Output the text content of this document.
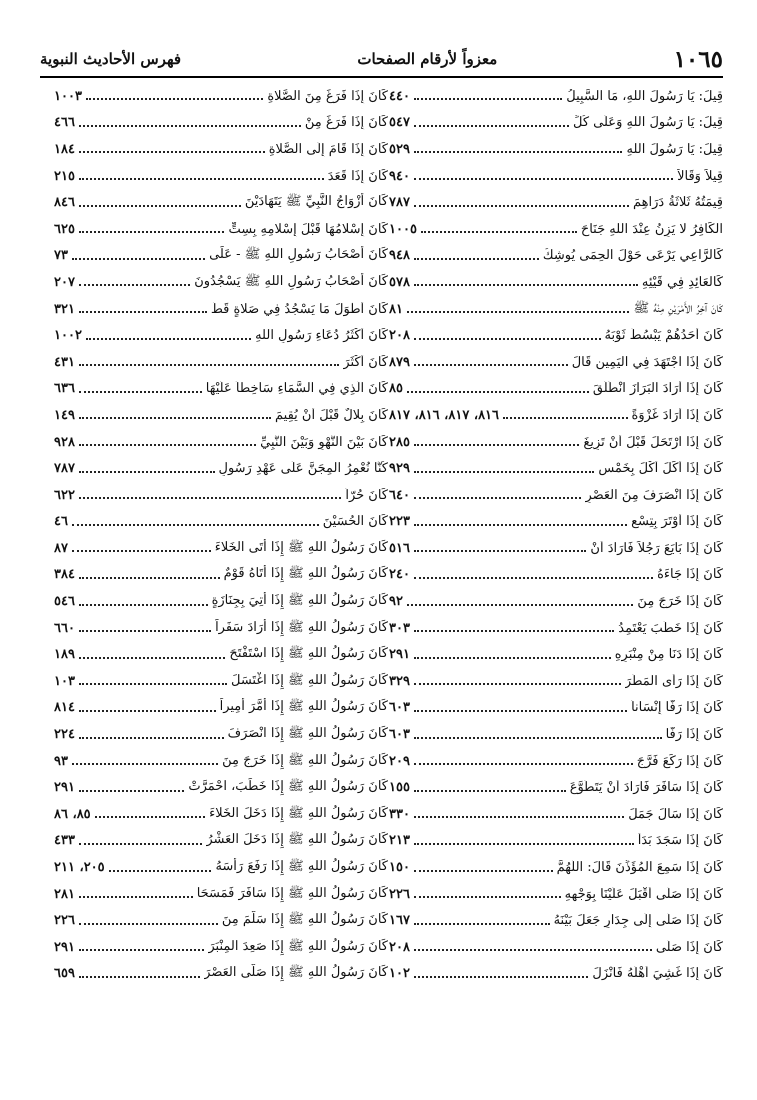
١٠٦٥
معزواً لأرقام الصفحات
فهرس الأحاديث النبوية
قِيلَ: يَا رَسُولَ اللهِ، مَا السَّبِيلُ
٤٤٠
قِيلَ: يَا رَسُولَ اللهِ وَعَلَى كُلِّ
٥٤٧
قِيلَ: يَا رَسُولَ اللهِ
٥٢٩
قِيلاً وَقَالاً
٩٤٠
قِيمَتُهُ ثَلاثَةُ دَرَاهِمَ
٧٨٧
الكَافِرُ لا يَزِنُ عِنْدَ اللهِ جَنَاحَ
١٠٠٥
كَالرَّاعِي يَرْعَى حَوْلَ الحِمَى يُوشِكُ
٩٤٨
كَالعَائِدِ فِي قَيْئِهِ
٥٧٨
كَانَ آخِرُ الأَمْرَيْنِ مِنْهُ ﷺ
٨١
كَانَ أَحَدُهُمْ يَبْسُطُ ثَوْبَهُ
٢٠٨
كَانَ إِذَا اجْتَهَدَ فِي اليَمِينِ قَالَ
٨٧٩
كَانَ إِذَا أَرَادَ البَرَازَ انْطَلَقَ
٨٥
كَانَ إِذَا أَرَادَ غَزْوَةً
٨١٦، ٨١٧، ٨١٦، ٨١٧
كَانَ إِذَا ارْتَحَلَ قَبْلَ أَنْ تَزِيغَ
٢٨٥
كَانَ إِذَا أَكَلَ أَكْلَ بِخَمْسٍ
٩٢٩
كَانَ إِذَا انْصَرَفَ مِنَ العَصْرِ
٦٤٠
كَانَ إِذَا أَوْتَرَ بِتِسْعٍ
٢٢٣
كَانَ إِذَا بَايَعَ رَجُلاً فَأَرَادَ أَنْ
٥١٦
كَانَ إِذَا جَاءَهُ
٢٤٠
كَانَ إِذَا خَرَجَ مِنَ
٩٢
كَانَ إِذَا خَطَبَ يَعْتَمِدُ
٣٠٣
كَانَ إِذَا دَنَا مِنْ مِنْبَرِهِ
٢٩١
كَانَ إِذَا رَأَى المَطَرَ
٣٢٩
كَانَ إِذَا رَفَّأَ إِنْسَاناً
٦٠٣
كَانَ إِذَا رَفَّأَ
٦٠٣
كَانَ إِذَا رَكَعَ فَرَّجَ
٢٠٩
كَانَ إِذَا سَافَرَ فَأَرَادَ أَنْ يَتَطَوَّعَ
١٥٥
كَانَ إِذَا سَأَلَ جَمَلَ
٣٣٠
كَانَ إِذَا سَجَدَ بَدَأَ
٢١٣
كَانَ إِذَا سَمِعَ المُؤَذِّنَ قَالَ: اللَّهُمَّ
١٥٠
كَانَ إِذَا صَلَّى أَقْبَلَ عَلَيْنَا بِوَجْهِهِ
٢٢٦
كَانَ إِذَا صَلَّى إِلَى جِدَارٍ جَعَلَ بَيْنَهُ
١٦٧
كَانَ إِذَا صَلَّى
٢٠٨
كَانَ إِذَا غَشِيَ أَهْلَهُ فَأَنْزَلَ
١٠٢
كَانَ إِذَا فَرَغَ مِنَ الصَّلاةِ
١٠٠٣
كَانَ إِذَا فَرَغَ مِنْ
٤٦٦
كَانَ إِذَا قَامَ إِلَى الصَّلاةِ
١٨٤
كَانَ إِذَا قَعَدَ
٢١٥
كَانَ أَزْوَاجُ النَّبِيِّ ﷺ يَتَهَادَيْنَ
٨٤٦
كَانَ إِسْلامُهَا قَبْلَ إِسْلامِهِ بِسِتٍّ
٦٢٥
كَانَ أَصْحَابُ رَسُولِ اللهِ ﷺ - عَلَى
٧٣
كَانَ أَصْحَابُ رَسُولِ اللهِ ﷺ يَسْجُدُونَ
٢٠٧
كَانَ أَطْوَلَ مَا يَسْجُدُ فِي صَلاةٍ قَطُّ
٣٢١
كَانَ أَكْثَرُ دُعَاءِ رَسُولِ اللهِ
١٠٠٢
كَانَ أَكْثَرَ
٤٣١
كَانَ الَّذِي فِي السَّمَاءِ سَاخِطاً عَلَيْهَا
٦٣٦
كَانَ بِلالٌ قَبْلَ أَنْ يُقِيمَ
١٤٩
كَانَ بَيْنَ النَّهْوِ وَبَيْنَ النَّبِيِّ
٩٢٨
كُنَّا نُعْمِرُ المِجَنَّ عَلَى عَهْدِ رَسُولِ
٧٨٧
كَانَ حُرّاً
٦٢٢
كَانَ الحُسَيْنَ
٤٦
كَانَ رَسُولُ اللهِ ﷺ إِذَا أَتَى الخَلاءَ
٨٧
كَانَ رَسُولُ اللهِ ﷺ إِذَا أَتَاهُ قَوْمٌ
٣٨٤
كَانَ رَسُولُ اللهِ ﷺ إِذَا أُتِيَ بِجِنَازَةٍ
٥٤٦
كَانَ رَسُولُ اللهِ ﷺ إِذَا أَرَادَ سَفَراً
٦٦٠
كَانَ رَسُولُ اللهِ ﷺ إِذَا اسْتَفْتَحَ
١٨٩
كَانَ رَسُولُ اللهِ ﷺ إِذَا اغْتَسَلَ
١٠٣
كَانَ رَسُولُ اللهِ ﷺ إِذَا أَمَّرَ أَمِيراً
٨١٤
كَانَ رَسُولُ اللهِ ﷺ إِذَا انْصَرَفَ
٢٢٤
كَانَ رَسُولُ اللهِ ﷺ إِذَا خَرَجَ مِنَ
٩٣
كَانَ رَسُولُ اللهِ ﷺ إِذَا خَطَبَ، احْمَرَّتْ
٢٩١
كَانَ رَسُولُ اللهِ ﷺ إِذَا دَخَلَ الخَلاءَ
٨٥، ٨٦
كَانَ رَسُولُ اللهِ ﷺ إِذَا دَخَلَ العَشْرُ
٤٣٣
كَانَ رَسُولُ اللهِ ﷺ إِذَا رَفَعَ رَأْسَهُ
٢٠٥، ٢١١
كَانَ رَسُولُ اللهِ ﷺ إِذَا سَافَرَ فَمَسَحَا
٢٨١
كَانَ رَسُولُ اللهِ ﷺ إِذَا سَلَّمَ مِنَ
٢٢٦
كَانَ رَسُولُ اللهِ ﷺ إِذَا صَعِدَ المِنْبَرَ
٢٩١
كَانَ رَسُولُ اللهِ ﷺ إِذَا صَلَّى العَصْرَ
٦٥٩
